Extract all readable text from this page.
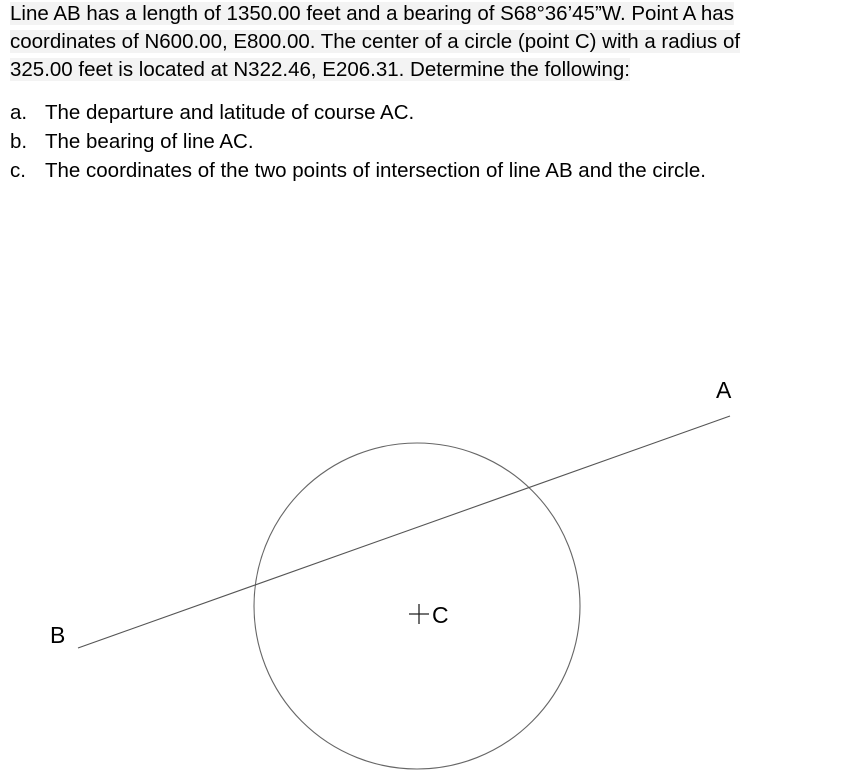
Line AB has a length of 1350.00 feet and a bearing of S68°36’45”W. Point A has
coordinates of N600.00, E800.00. The center of a circle (point C) with a radius of
325.00 feet is located at N322.46, E206.31. Determine the following:

a. The departure and latitude of course AC.
b. The bearing of line AC.
c. The coordinates of the two points of intersection of line AB and the circle.
A
B
C
